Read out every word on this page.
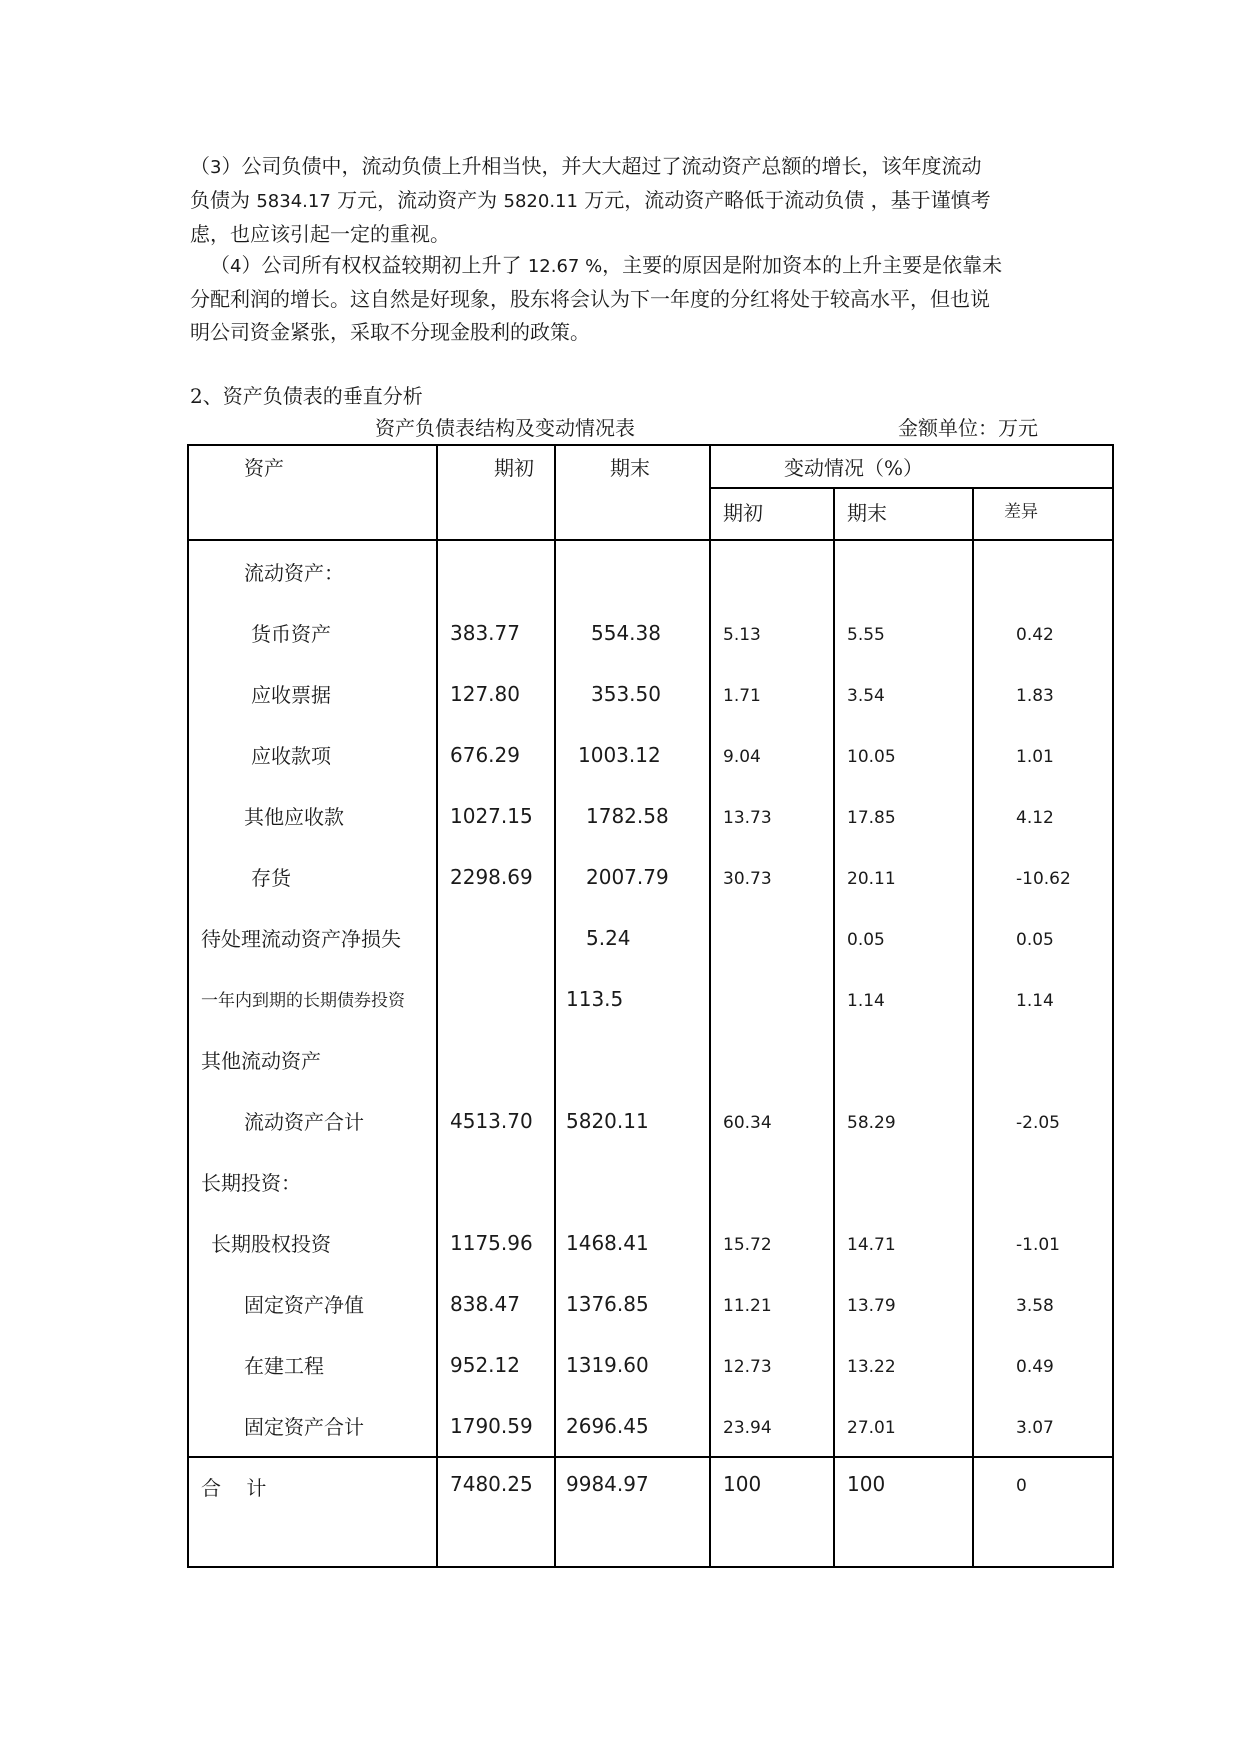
（3）公司负债中，流动负债上升相当快，并大大超过了流动资产总额的增长，该年度流动
负债为 5834.17 万元，流动资产为 5820.11 万元，流动资产略低于流动负债 ，基于谨慎考
虑，也应该引起一定的重视。

（4）公司所有权权益较期初上升了 12.67 %，主要的原因是附加资本的上升主要是依靠未
分配利润的增长。这自然是好现象，股东将会认为下一年度的分红将处于较高水平，但也说
明公司资金紧张，采取不分现金股利的政策。

2、资产负债表的垂直分析
资产负债表结构及变动情况表	金额单位：万元
资产	期初	期末	变动情况（%）		

			期初	期末	差异

流动资产：					
货币资产	383.77	554.38	5.13	5.55	0.42
应收票据	127.80	353.50	1.71	3.54	1.83
应收款项	676.29	1003.12	9.04	10.05	1.01
其他应收款	1027.15	1782.58	13.73	17.85	4.12
存货	2298.69	2007.79	30.73	20.11	-10.62
待处理流动资产净损失		5.24		0.05	0.05
一年内到期的长期债券投资		113.5		1.14	1.14
其他流动资产					
流动资产合计	4513.70	5820.11	60.34	58.29	-2.05
长期投资：					
长期股权投资	1175.96	1468.41	15.72	14.71	-1.01
固定资产净值	838.47	1376.85	11.21	13.79	3.58
在建工程	952.12	1319.60	12.73	13.22	0.49
固定资产合计	1790.59	2696.45	23.94	27.01	3.07
合    计	7480.25	9984.97	100	100	0
